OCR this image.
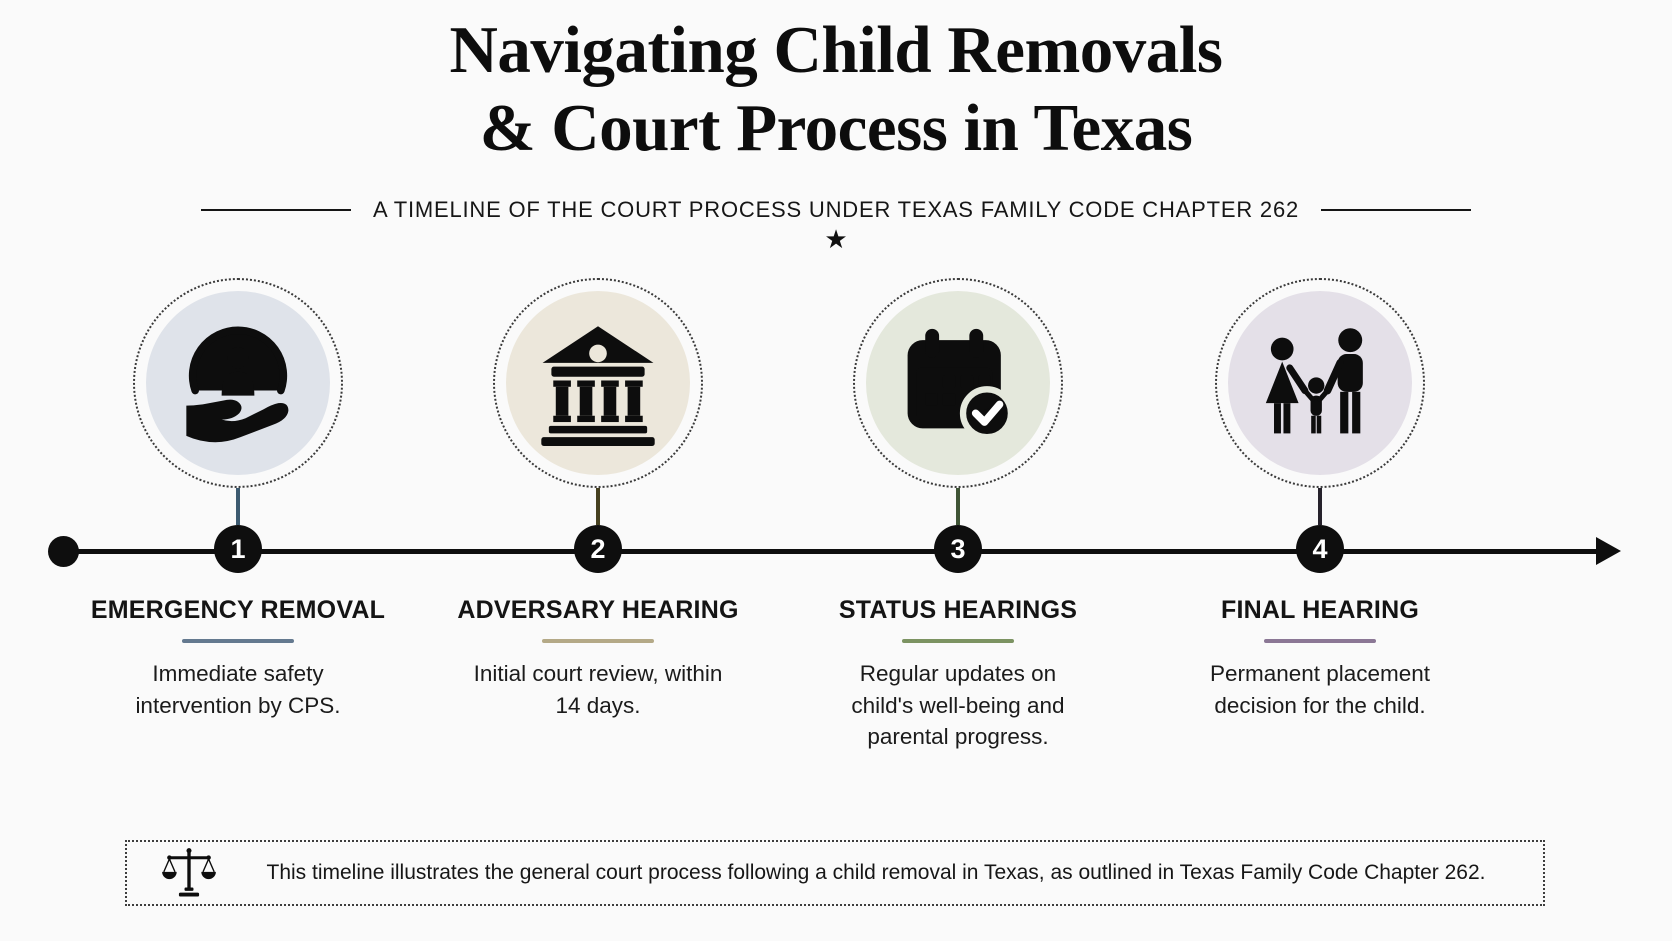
Navigating Child Removals
& Court Process in Texas
A TIMELINE OF THE COURT PROCESS UNDER TEXAS FAMILY CODE CHAPTER 262
★
1
EMERGENCY REMOVAL
Immediate safety intervention by CPS.
2
ADVERSARY HEARING
Initial court review, within 14 days.
3
STATUS HEARINGS
Regular updates on child's well-being and parental progress.
4
FINAL HEARING
Permanent placement decision for the child.
This timeline illustrates the general court process following a child removal in Texas, as outlined in Texas Family Code Chapter 262.
